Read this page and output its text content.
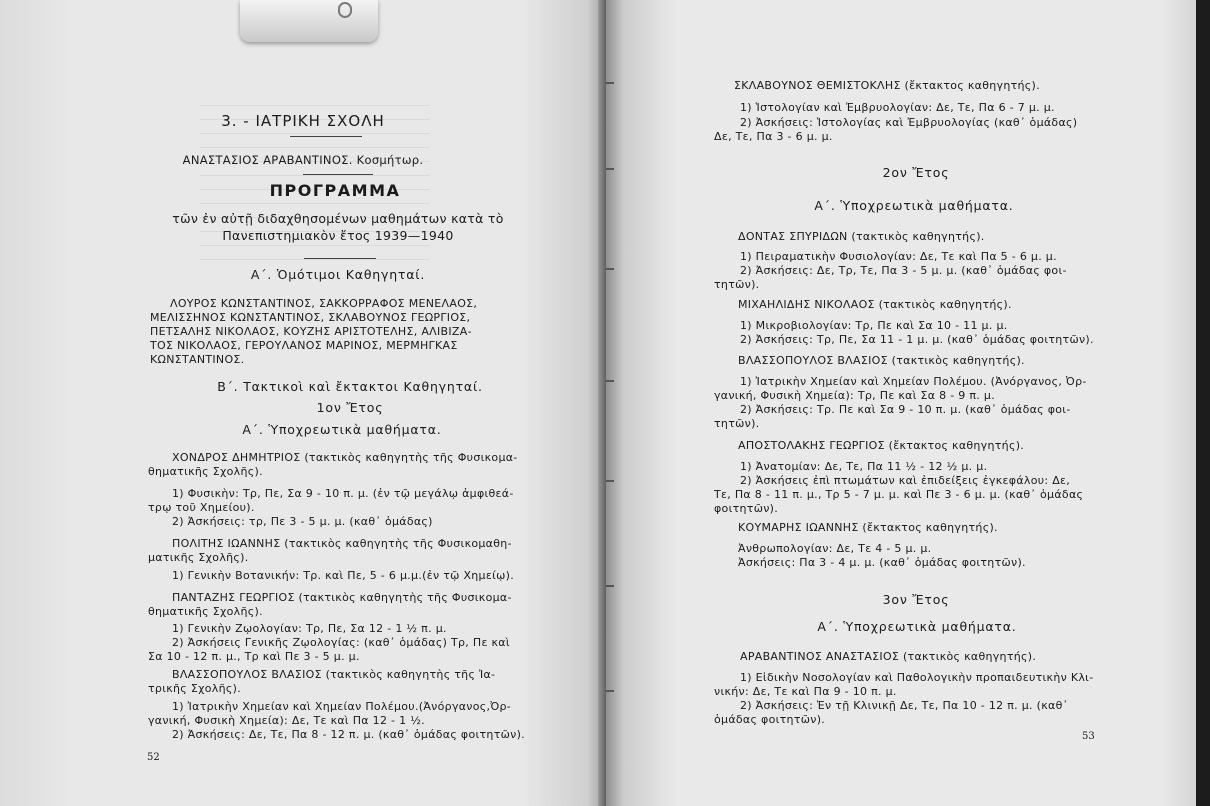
3. - ΙΑΤΡΙΚΗ ΣΧΟΛΗ
ΑΝΑΣΤΑΣΙΟΣ ΑΡΑΒΑΝΤΙΝΟΣ. Κοσμήτωρ.
ΠΡΟΓΡΑΜΜΑ
τῶν ἐν αὐτῇ διδαχθησομένων μαθημάτων κατὰ τὸ
Πανεπιστημιακὸν ἔτος 1939—1940
Α΄. Ὁμότιμοι Καθηγηταί.
ΛΟΥΡΟΣ ΚΩΝΣΤΑΝΤΙΝΟΣ, ΣΑΚΚΟΡΡΑΦΟΣ ΜΕΝΕΛΑΟΣ,
ΜΕΛΙΣΣΗΝΟΣ ΚΩΝΣΤΑΝΤΙΝΟΣ, ΣΚΛΑΒΟΥΝΟΣ ΓΕΩΡΓΙΟΣ,
ΠΕΤΣΑΛΗΣ ΝΙΚΟΛΑΟΣ, ΚΟΥΖΗΣ ΑΡΙΣΤΟΤΕΛΗΣ, ΑΛΙΒΙΖΑ-
ΤΟΣ ΝΙΚΟΛΑΟΣ, ΓΕΡΟΥΛΑΝΟΣ ΜΑΡΙΝΟΣ, ΜΕΡΜΗΓΚΑΣ
ΚΩΝΣΤΑΝΤΙΝΟΣ.
Β΄. Τακτικοὶ καὶ ἔκτακτοι Καθηγηταί.
1ον Ἔτος
Α΄. Ὑποχρεωτικὰ μαθήματα.
ΧΟΝΔΡΟΣ ΔΗΜΗΤΡΙΟΣ (τακτικὸς καθηγητὴς τῆς Φυσικομα-
θηματικῆς Σχολῆς).
1) Φυσικὴν: Τρ, Πε, Σα 9 - 10 π. μ. (ἐν τῷ μεγάλῳ ἀμφιθεά-
τρῳ τοῦ Χημείου).
2) Ἀσκήσεις: τρ, Πε 3 - 5 μ. μ. (καθ᾽ ὁμάδας)
ΠΟΛΙΤΗΣ ΙΩΑΝΝΗΣ (τακτικὸς καθηγητὴς τῆς Φυσικομαθη-
ματικῆς Σχολῆς).
1) Γενικὴν Βοτανικήν: Τρ. καὶ Πε, 5 - 6 μ.μ.(ἐν τῷ Χημείῳ).
ΠΑΝΤΑΖΗΣ ΓΕΩΡΓΙΟΣ (τακτικὸς καθηγητὴς τῆς Φυσικομα-
θηματικῆς Σχολῆς).
1) Γενικὴν Ζῳολογίαν: Τρ, Πε, Σα 12 - 1 ½ π. μ.
2) Ἀσκήσεις Γενικῆς Ζῳολογίας: (καθ᾽ ὁμάδας) Τρ, Πε καὶ
Σα 10 - 12 π. μ., Τρ καὶ Πε 3 - 5 μ. μ.
ΒΛΑΣΣΟΠΟΥΛΟΣ ΒΛΑΣΙΟΣ (τακτικὸς καθηγητὴς τῆς Ἰα-
τρικῆς Σχολῆς).
1) Ἰατρικὴν Χημείαν καὶ Χημείαν Πολέμου.(Ἀνόργανος,Ὀρ-
γανική, Φυσικὴ Χημεία): Δε, Τε καὶ Πα 12 - 1 ½.
2) Ἀσκήσεις: Δε, Τε, Πα 8 - 12 π. μ. (καθ᾽ ὁμάδας φοιτητῶν).
52
ΣΚΛΑΒΟΥΝΟΣ ΘΕΜΙΣΤΟΚΛΗΣ (ἔκτακτος καθηγητής).
1) Ἱστολογίαν καὶ Ἐμβρυολογίαν: Δε, Τε, Πα 6 - 7 μ. μ.
2) Ἀσκήσεις: Ἱστολογίας καὶ Ἐμβρυολογίας (καθ᾽ ὁμάδας)
Δε, Τε, Πα 3 - 6 μ. μ.
2ον Ἔτος
Α΄. Ὑποχρεωτικὰ μαθήματα.
ΔΟΝΤΑΣ ΣΠΥΡΙΔΩΝ (τακτικὸς καθηγητής).
1) Πειραματικὴν Φυσιολογίαν: Δε, Τε καὶ Πα 5 - 6 μ. μ.
2) Ἀσκήσεις: Δε, Τρ, Τε, Πα 3 - 5 μ. μ. (καθ᾽ ὁμάδας φοι-
τητῶν).
ΜΙΧΑΗΛΙΔΗΣ ΝΙΚΟΛΑΟΣ (τακτικὸς καθηγητής).
1) Μικροβιολογίαν: Τρ, Πε καὶ Σα 10 - 11 μ. μ.
2) Ἀσκήσεις: Τρ, Πε, Σα 11 - 1 μ. μ. (καθ᾽ ὁμάδας φοιτητῶν).
ΒΛΑΣΣΟΠΟΥΛΟΣ ΒΛΑΣΙΟΣ (τακτικὸς καθηγητής).
1) Ἰατρικὴν Χημείαν καὶ Χημείαν Πολέμου. (Ἀνόργανος, Ὀρ-
γανική, Φυσικὴ Χημεία): Τρ, Πε καὶ Σα 8 - 9 π. μ.
2) Ἀσκήσεις: Τρ. Πε καὶ Σα 9 - 10 π. μ. (καθ᾽ ὁμάδας φοι-
τητῶν).
ΑΠΟΣΤΟΛΑΚΗΣ ΓΕΩΡΓΙΟΣ (ἔκτακτος καθηγητής).
1) Ἀνατομίαν: Δε, Τε, Πα 11 ½ - 12 ½ μ. μ.
2) Ἀσκήσεις ἐπὶ πτωμάτων καὶ ἐπιδείξεις ἐγκεφάλου: Δε,
Τε, Πα 8 - 11 π. μ., Τρ 5 - 7 μ. μ. καὶ Πε 3 - 6 μ. μ. (καθ᾽ ὁμάδας
φοιτητῶν).
ΚΟΥΜΑΡΗΣ ΙΩΑΝΝΗΣ (ἔκτακτος καθηγητής).
Ἀνθρωπολογίαν: Δε, Τε 4 - 5 μ. μ.
Ἀσκήσεις: Πα 3 - 4 μ. μ. (καθ᾽ ὁμάδας φοιτητῶν).
3ον Ἔτος
Α΄. Ὑποχρεωτικὰ μαθήματα.
ΑΡΑΒΑΝΤΙΝΟΣ ΑΝΑΣΤΑΣΙΟΣ (τακτικὸς καθηγητής).
1) Εἰδικὴν Νοσολογίαν καὶ Παθολογικὴν προπαιδευτικὴν Κλι-
νικήν: Δε, Τε καὶ Πα 9 - 10 π. μ.
2) Ἀσκήσεις: Ἐν τῇ Κλινικῇ Δε, Τε, Πα 10 - 12 π. μ. (καθ᾽
ὁμάδας φοιτητῶν).
53
